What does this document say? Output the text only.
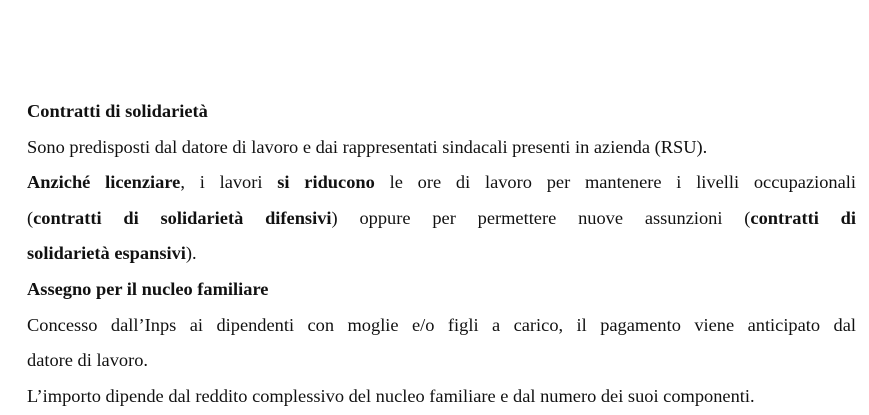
Contratti di solidarietà
Sono predisposti dal datore di lavoro e dai rappresentati sindacali presenti in azienda (RSU).
Anziché licenziare, i lavori si riducono le ore di lavoro per mantenere i livelli occupazionali
(contratti di solidarietà difensivi) oppure per permettere nuove assunzioni (contratti di
solidarietà espansivi).
Assegno per il nucleo familiare
Concesso dall’Inps ai dipendenti con moglie e/o figli a carico, il pagamento viene anticipato dal
datore di lavoro.
L’importo dipende dal reddito complessivo del nucleo familiare e dal numero dei suoi componenti.
